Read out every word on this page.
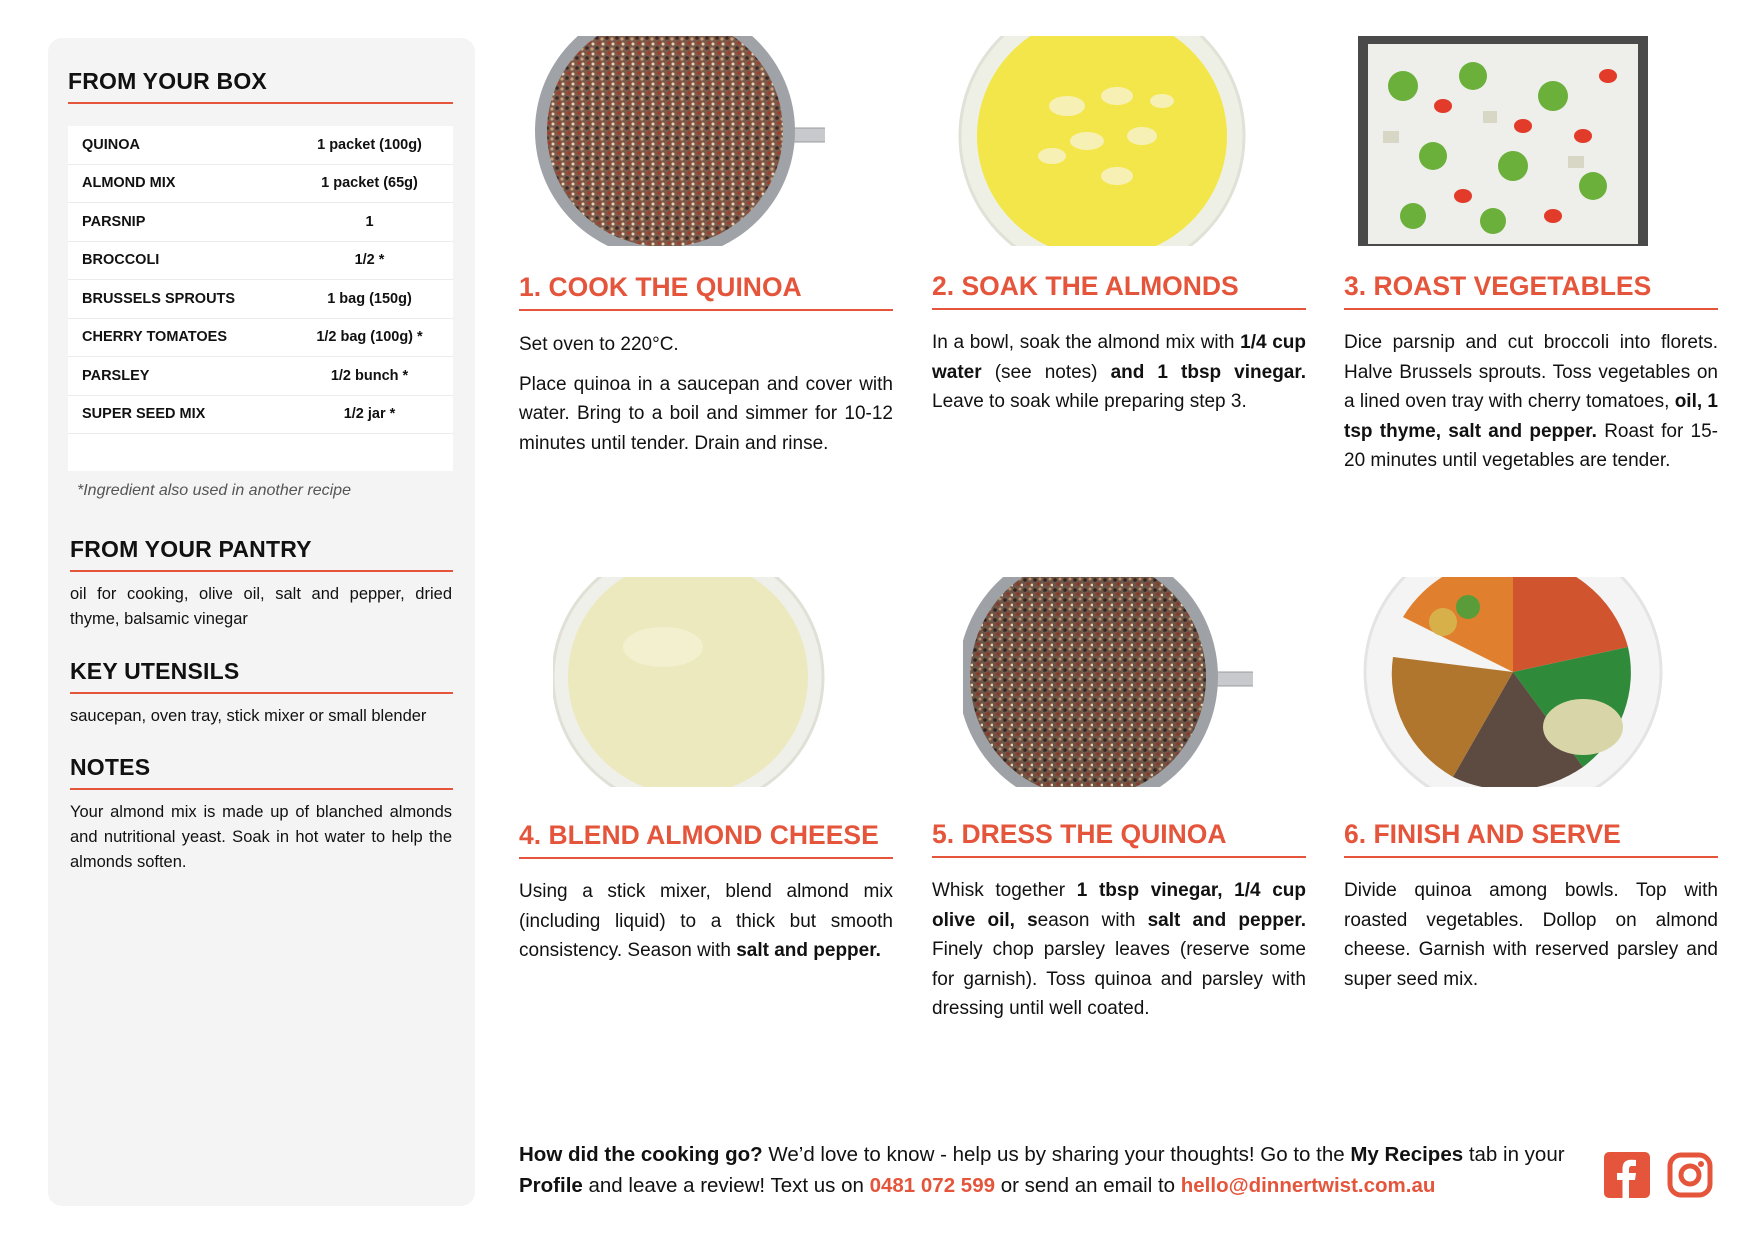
FROM YOUR BOX
QUINOA	1 packet (100g)
ALMOND MIX	1 packet (65g)
PARSNIP	1
BROCCOLI	1/2 *
BRUSSELS SPROUTS	1 bag (150g)
CHERRY TOMATOES	1/2 bag (100g) *
PARSLEY	1/2 bunch *
SUPER SEED MIX	1/2 jar *
*Ingredient also used in another recipe
FROM YOUR PANTRY
oil for cooking, olive oil, salt and pepper, dried thyme, balsamic vinegar
KEY UTENSILS
saucepan, oven tray, stick mixer or small blender
NOTES
Your almond mix is made up of blanched almonds and nutritional yeast. Soak in hot water to help the almonds soften.
1. COOK THE QUINOA

Set oven to 220°C.

Place quinoa in a saucepan and cover with water. Bring to a boil and simmer for 10-12 minutes until tender. Drain and rinse.

2. SOAK THE ALMONDS
In a bowl, soak the almond mix with 1/4 cup water (see notes) and 1 tbsp vinegar. Leave to soak while preparing step 3.
3. ROAST VEGETABLES
Dice parsnip and cut broccoli into florets. Halve Brussels sprouts. Toss vegetables on a lined oven tray with cherry tomatoes, oil, 1 tsp thyme, salt and pepper. Roast for 15-20 minutes until vegetables are tender.
4. BLEND ALMOND CHEESE
Using a stick mixer, blend almond mix (including liquid) to a thick but smooth consistency. Season with salt and pepper.
5. DRESS THE QUINOA
Whisk together 1 tbsp vinegar, 1/4 cup olive oil, season with salt and pepper. Finely chop parsley leaves (reserve some for garnish). Toss quinoa and parsley with dressing until well coated.
6. FINISH AND SERVE
Divide quinoa among bowls. Top with roasted vegetables. Dollop on almond cheese. Garnish with reserved parsley and super seed mix.
How did the cooking go? We’d love to know - help us by sharing your thoughts! Go to the My Recipes tab in your Profile and leave a review! Text us on 0481 072 599 or send an email to hello@dinnertwist.com.au
